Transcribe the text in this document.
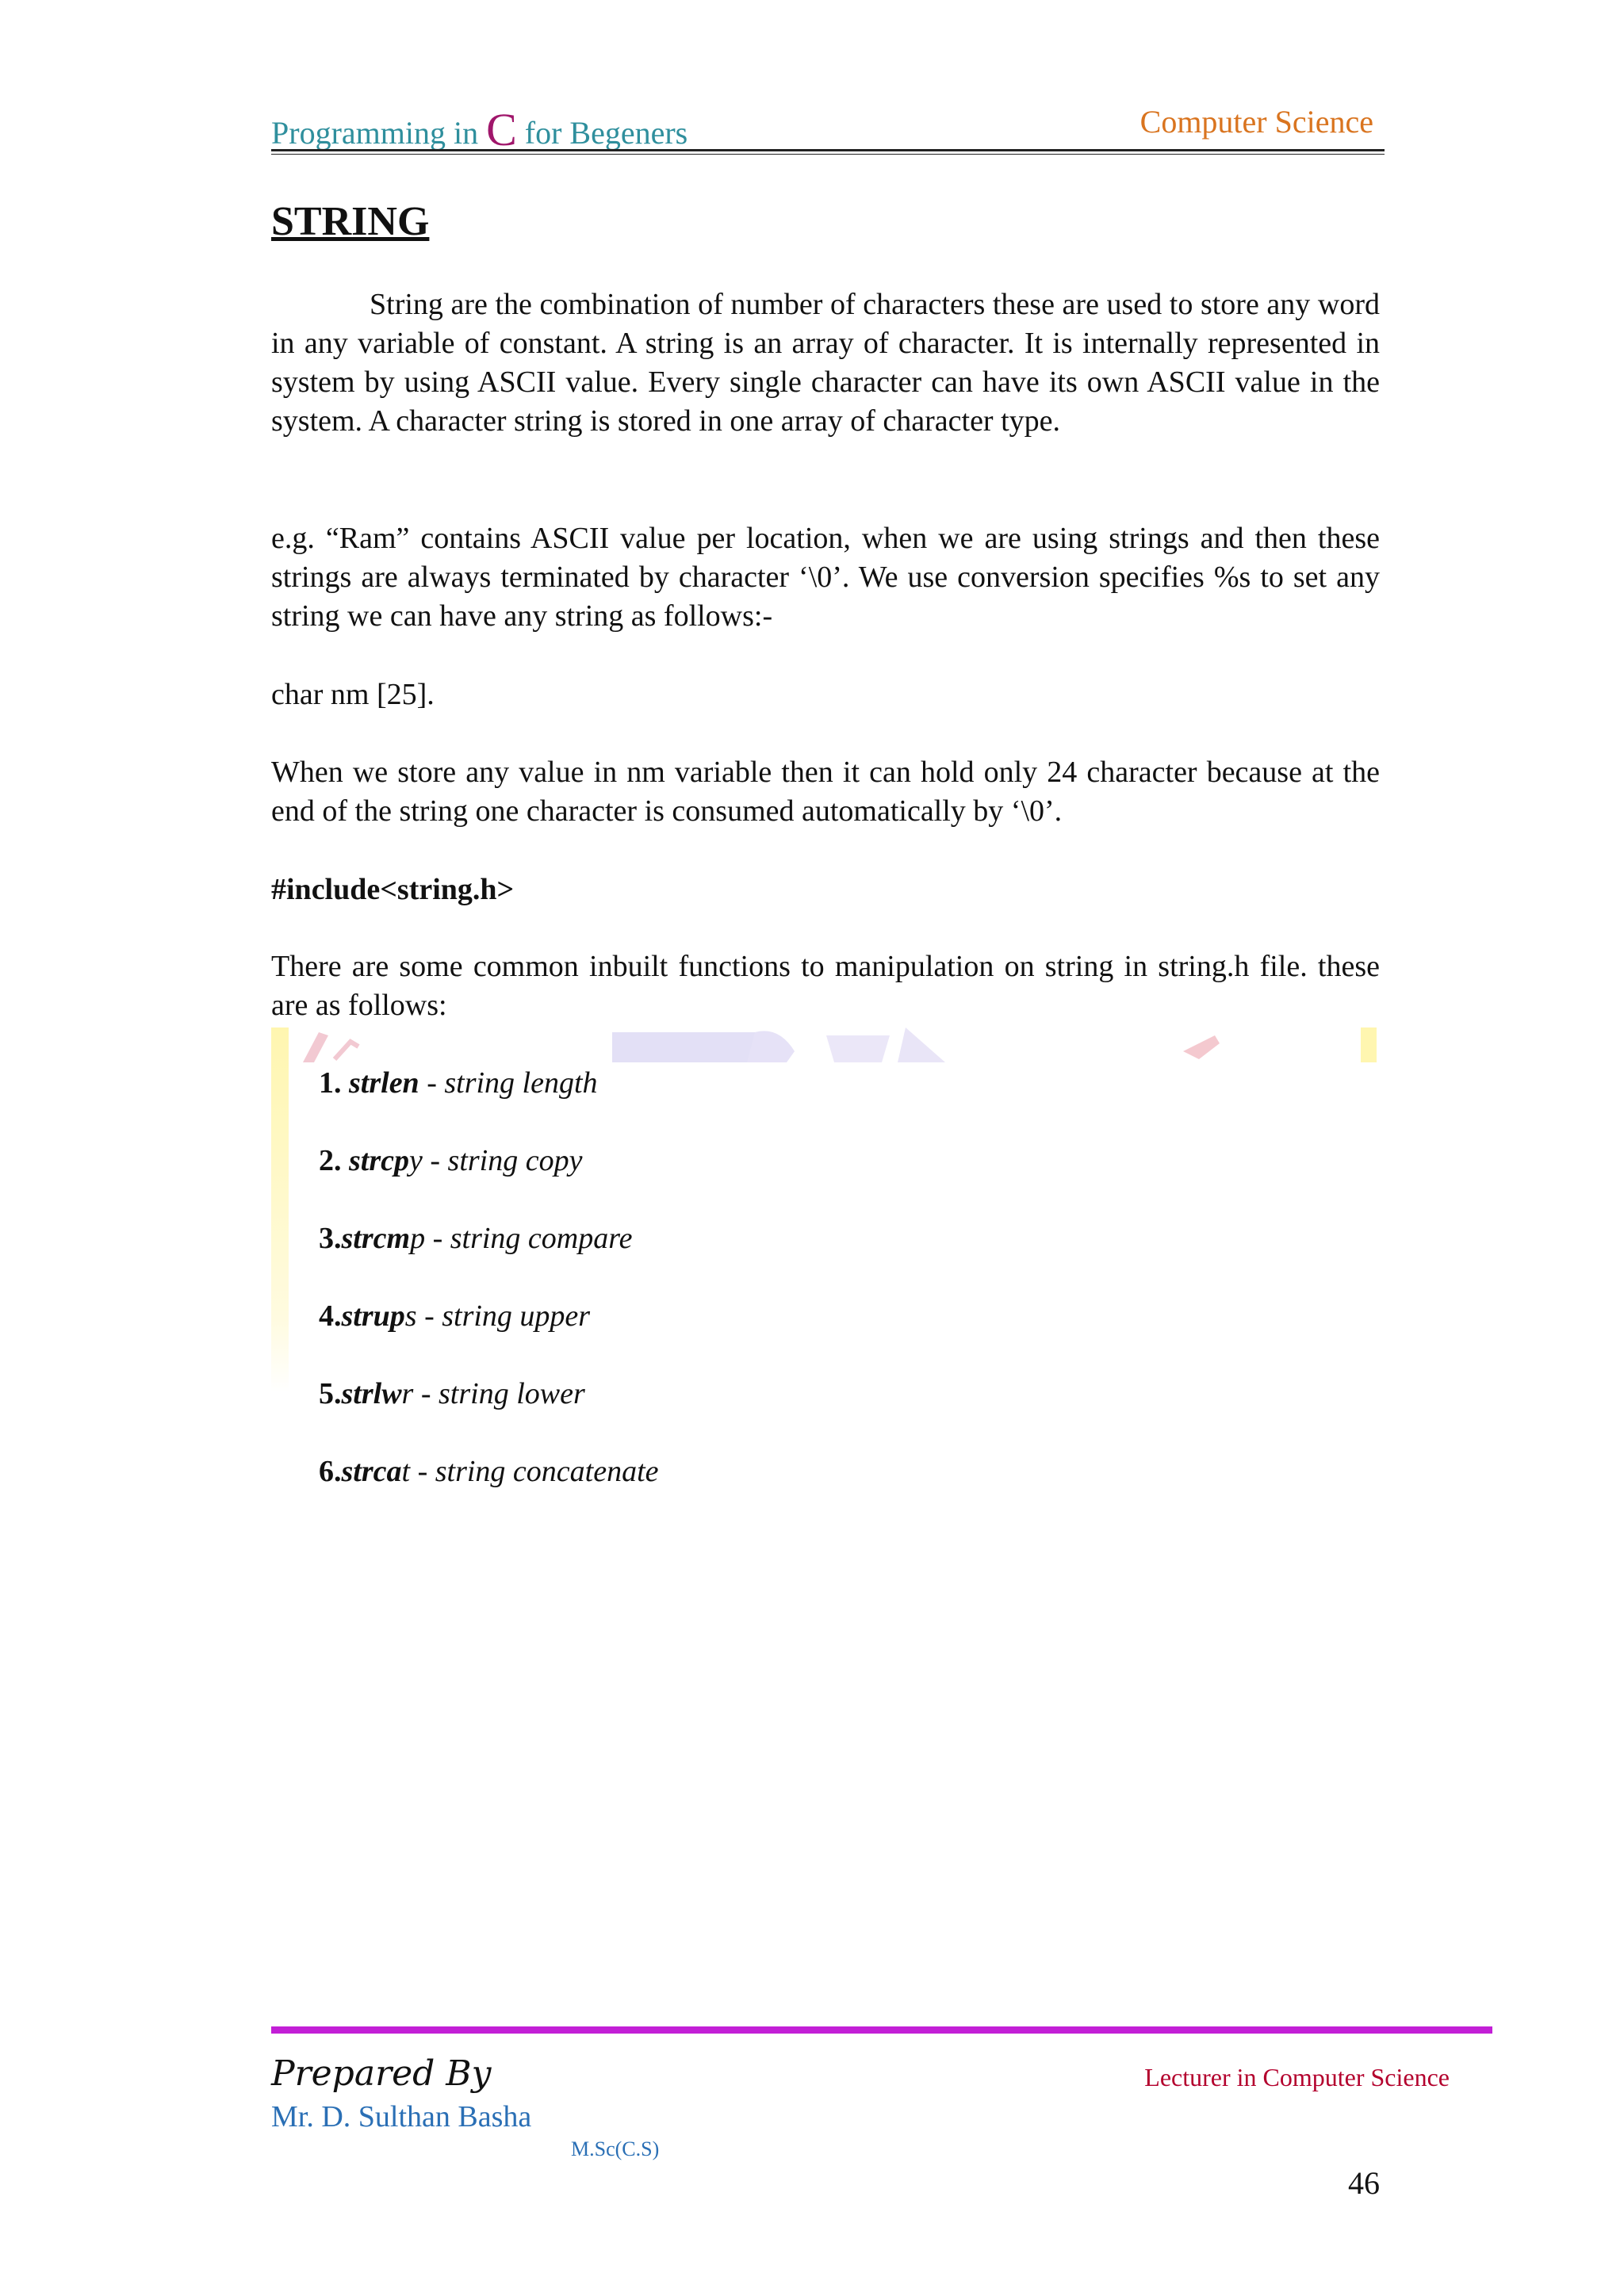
Programming in C for Begeners	Computer Science
STRING

String are the combination of number of characters these are used to store any word in any variable of constant. A string is an array of character. It is internally represented in system by using ASCII value. Every single character can have its own ASCII value in the system. A character string is stored in one array of character type.

e.g. “Ram” contains ASCII value per location, when we are using strings and then these strings are always terminated by character ‘\0’. We use conversion specifies %s to set any string we can have any string as follows:-

char nm [25].

When we store any value in nm variable then it can hold only 24 character because at the end of the string one character is consumed automatically by ‘\0’.

#include<string.h>

There are some common inbuilt functions to manipulation on string in string.h file. these are as follows:

1. strlen - string length
2. strcpy - string copy
3.strcmp - string compare
4.strups - string upper
5.strlwr - string lower
6.strcat - string concatenate
Prepared By	Lecturer in Computer Science
Mr. D. Sulthan Basha
M.Sc(C.S)
46
